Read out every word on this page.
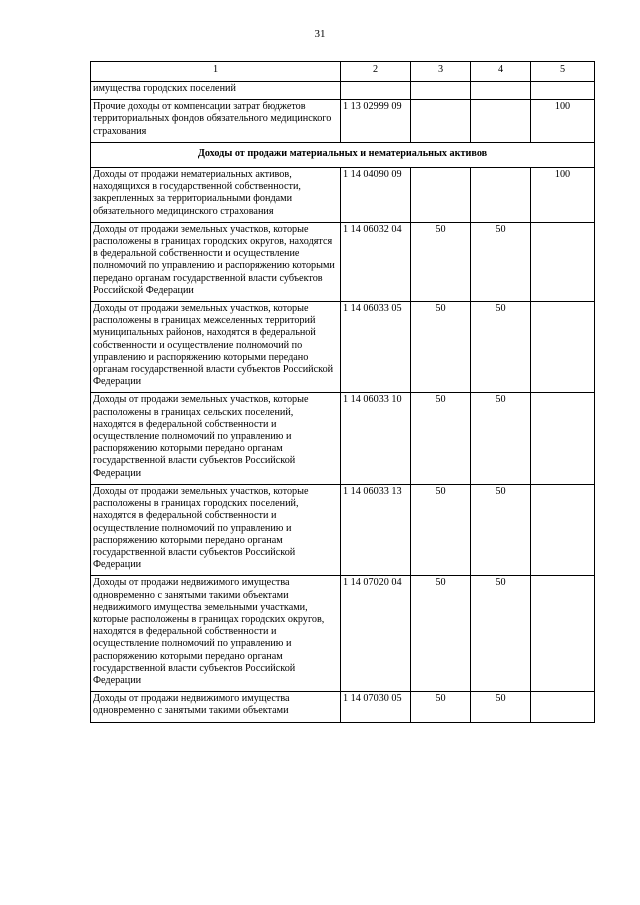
31
1	2	3	4	5
имущества городских поселений				
Прочие доходы от компенсации затрат бюджетов территориальных фондов обязательного медицинского страхования	1 13 02999 09			100
Доходы от продажи материальных и нематериальных активов				
Доходы от продажи нематериальных активов, находящихся в государственной собственности, закрепленных за территориальными фондами обязательного медицинского страхования	1 14 04090 09			100
Доходы от продажи земельных участков, которые расположены в границах городских округов, находятся в федеральной собственности и осуществление полномочий по управлению и распоряжению которыми передано органам государственной власти субъектов Российской Федерации	1 14 06032 04	50	50	
Доходы от продажи земельных участков, которые расположены в границах межселенных территорий муниципальных районов, находятся в федеральной собственности и осуществление полномочий по управлению и распоряжению которыми передано органам государственной власти субъектов Российской Федерации	1 14 06033 05	50	50	
Доходы от продажи земельных участков, которые расположены в границах сельских поселений, находятся в федеральной собственности и осуществление полномочий по управлению и распоряжению которыми передано органам государственной власти субъектов Российской Федерации	1 14 06033 10	50	50	
Доходы от продажи земельных участков, которые расположены в границах городских поселений, находятся в федеральной собственности и осуществление полномочий по управлению и распоряжению которыми передано органам государственной власти субъектов Российской Федерации	1 14 06033 13	50	50	
Доходы от продажи недвижимого имущества одновременно с занятыми такими объектами недвижимого имущества земельными участками, которые расположены в границах городских округов, находятся в федеральной собственности и осуществление полномочий по управлению и распоряжению которыми передано органам государственной власти субъектов Российской Федерации	1 14 07020 04	50	50	
Доходы от продажи недвижимого имущества одновременно с занятыми такими объектами	1 14 07030 05	50	50	
